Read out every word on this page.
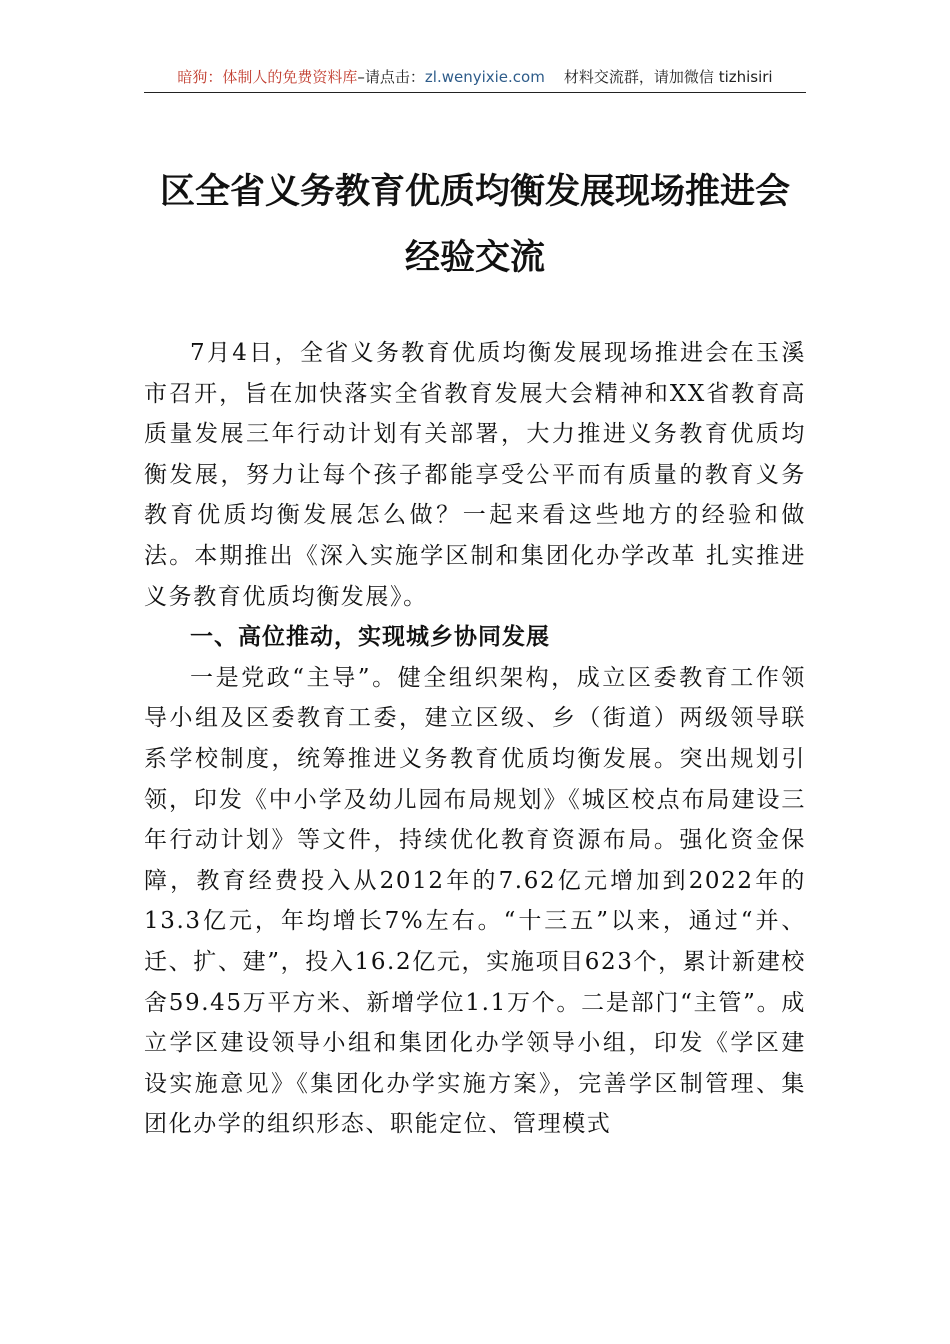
暗狗：体制人的免费资料库–请点击：zl.wenyixie.com 材料交流群，请加微信 tizhisiri
区全省义务教育优质均衡发展现场推进会
经验交流

7月4日，全省义务教育优质均衡发展现场推进会在玉溪市召开，旨在加快落实全省教育发展大会精神和XX省教育高质量发展三年行动计划有关部署，大力推进义务教育优质均衡发展，努力让每个孩子都能享受公平而有质量的教育义务教育优质均衡发展怎么做？一起来看这些地方的经验和做法。本期推出《深入实施学区制和集团化办学改革 扎实推进义务教育优质均衡发展》。

一、高位推动，实现城乡协同发展

一是党政“主导”。健全组织架构，成立区委教育工作领导小组及区委教育工委，建立区级、乡（街道）两级领导联系学校制度，统筹推进义务教育优质均衡发展。突出规划引领，印发《中小学及幼儿园布局规划》《城区校点布局建设三年行动计划》等文件，持续优化教育资源布局。强化资金保障，教育经费投入从2012年的7.62亿元增加到2022年的13.3亿元，年均增长7%左右。“十三五”以来，通过“并、迁、扩、建”，投入16.2亿元，实施项目623个，累计新建校舍59.45万平方米、新增学位1.1万个。二是部门“主管”。成立学区建设领导小组和集团化办学领导小组，印发《学区建设实施意见》《集团化办学实施方案》，完善学区制管理、集团化办学的组织形态、职能定位、管理模式
